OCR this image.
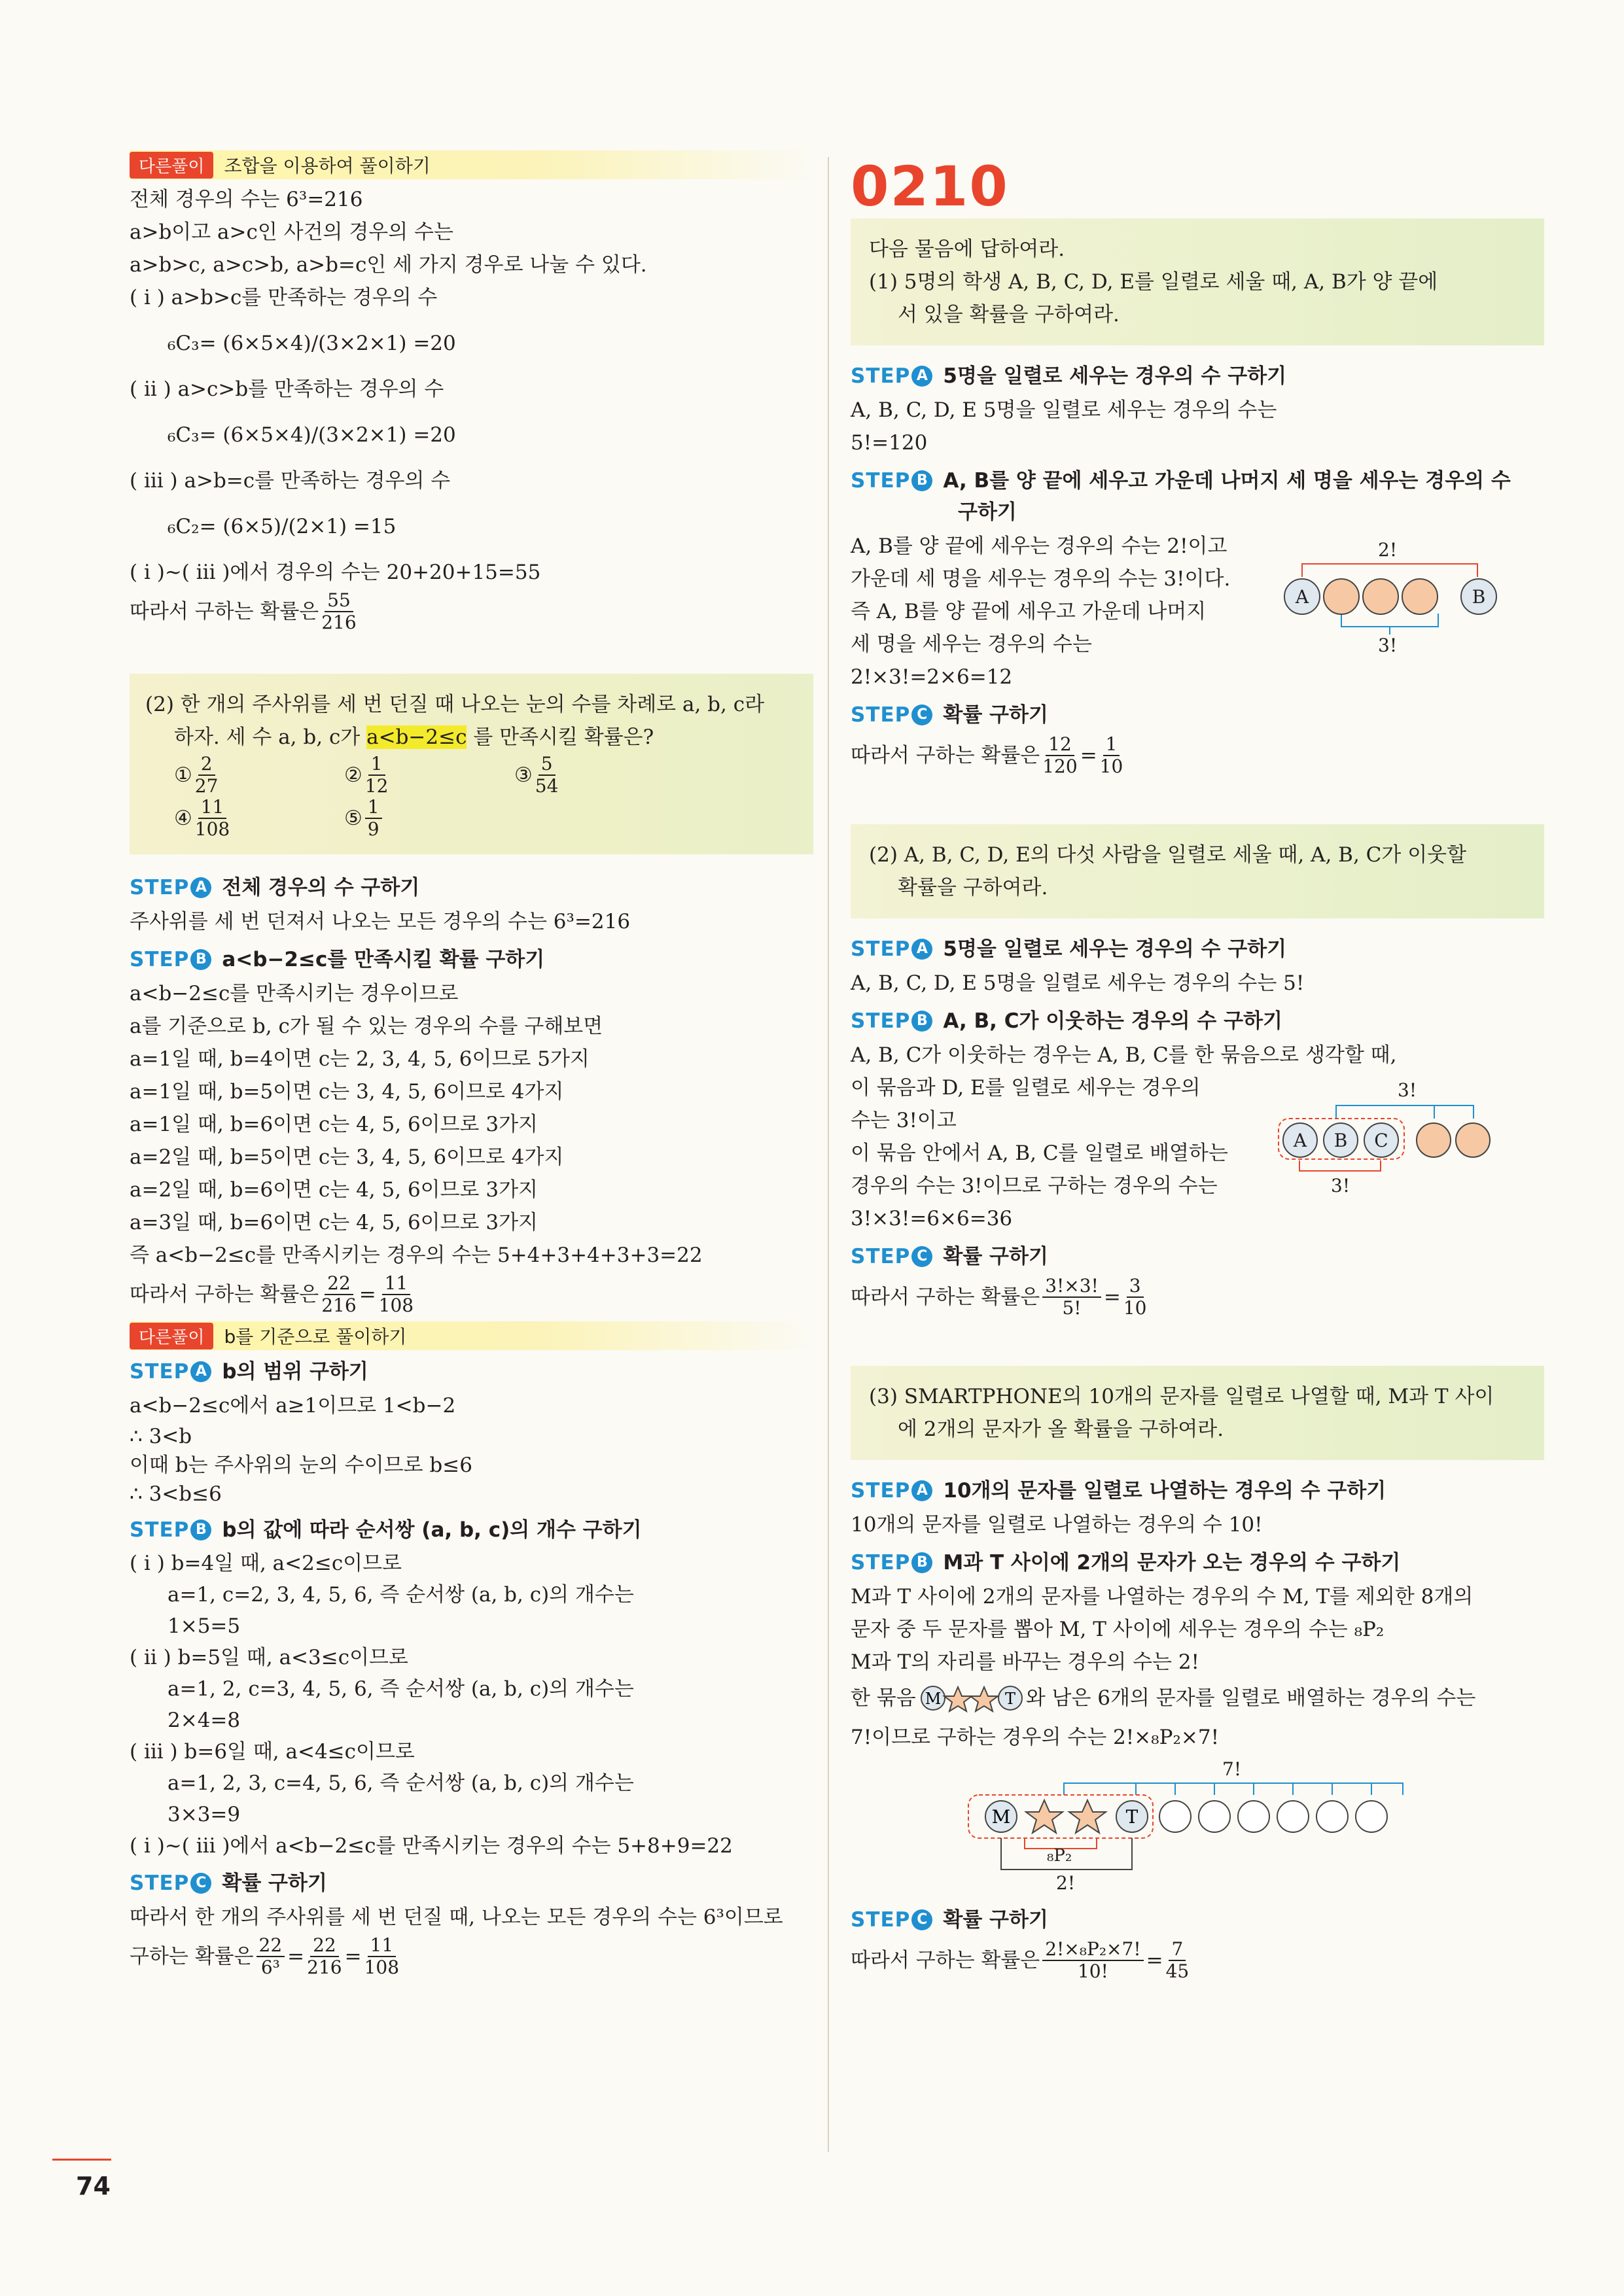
다른풀이	조합을 이용하여 풀이하기
전체 경우의 수는 6³=216
a>b이고 a>c인 사건의 경우의 수는
a>b>c, a>c>b, a>b=c인 세 가지 경우로 나눌 수 있다.
( i ) a>b>c를 만족하는 경우의 수
₆C₃= (6×5×4)/(3×2×1) =20
( ii ) a>c>b를 만족하는 경우의 수
₆C₃= (6×5×4)/(3×2×1) =20
( iii ) a>b=c를 만족하는 경우의 수
₆C₂= (6×5)/(2×1) =15
( i )~( iii )에서 경우의 수는 20+20+15=55
따라서 구하는 확률은 $\frac{55}{216}$
(2) 한 개의 주사위를 세 번 던질 때 나오는 눈의 수를 차례로 a, b, c라
하자. 세 수 a, b, c가 a<b−2≤c 를 만족시킬 확률은?
① $\frac{2}{27}$	② $\frac{1}{12}$	③ $\frac{5}{54}$
④ $\frac{11}{108}$	⑤ $\frac{1}{9}$
STEP A 전체 경우의 수 구하기
주사위를 세 번 던져서 나오는 모든 경우의 수는 6³=216
STEP B a<b−2≤c를 만족시킬 확률 구하기
a<b−2≤c를 만족시키는 경우이므로
a를 기준으로 b, c가 될 수 있는 경우의 수를 구해보면
a=1일 때, b=4이면 c는 2, 3, 4, 5, 6이므로 5가지
a=1일 때, b=5이면 c는 3, 4, 5, 6이므로 4가지
a=1일 때, b=6이면 c는 4, 5, 6이므로 3가지
a=2일 때, b=5이면 c는 3, 4, 5, 6이므로 4가지
a=2일 때, b=6이면 c는 4, 5, 6이므로 3가지
a=3일 때, b=6이면 c는 4, 5, 6이므로 3가지
즉 a<b−2≤c를 만족시키는 경우의 수는 5+4+3+4+3+3=22
따라서 구하는 확률은 $\frac{22}{216} = \frac{11}{108}$
다른풀이	b를 기준으로 풀이하기
STEP A b의 범위 구하기
a<b−2≤c에서 a≥1이므로 1<b−2
∴ 3<b
이때 b는 주사위의 눈의 수이므로 b≤6
∴ 3<b≤6
STEP B b의 값에 따라 순서쌍 (a, b, c)의 개수 구하기
( i ) b=4일 때, a<2≤c이므로
a=1, c=2, 3, 4, 5, 6, 즉 순서쌍 (a, b, c)의 개수는
1×5=5
( ii ) b=5일 때, a<3≤c이므로
a=1, 2, c=3, 4, 5, 6, 즉 순서쌍 (a, b, c)의 개수는
2×4=8
( iii ) b=6일 때, a<4≤c이므로
a=1, 2, 3, c=4, 5, 6, 즉 순서쌍 (a, b, c)의 개수는
3×3=9
( i )~( iii )에서 a<b−2≤c를 만족시키는 경우의 수는 5+8+9=22
STEP C 확률 구하기
따라서 한 개의 주사위를 세 번 던질 때, 나오는 모든 경우의 수는 6³이므로
구하는 확률은 $\frac{22}{\text{6³}} = \frac{22}{216} = \frac{11}{108}$
0210
다음 물음에 답하여라.
(1) 5명의 학생 A, B, C, D, E를 일렬로 세울 때, A, B가 양 끝에
서 있을 확률을 구하여라.
STEP A 5명을 일렬로 세우는 경우의 수 구하기
A, B, C, D, E 5명을 일렬로 세우는 경우의 수는
5!=120
STEP B A, B를 양 끝에 세우고 가운데 나머지 세 명을 세우는 경우의 수
구하기
A, B를 양 끝에 세우는 경우의 수는 2!이고
가운데 세 명을 세우는 경우의 수는 3!이다.
즉 A, B를 양 끝에 세우고 가운데 나머지
세 명을 세우는 경우의 수는
2!×3!=2×6=12
2!
A	B
3!
STEP C 확률 구하기
따라서 구하는 확률은 $\frac{12}{120} = \frac{1}{10}$
(2) A, B, C, D, E의 다섯 사람을 일렬로 세울 때, A, B, C가 이웃할
확률을 구하여라.
STEP A 5명을 일렬로 세우는 경우의 수 구하기
A, B, C, D, E 5명을 일렬로 세우는 경우의 수는 5!
STEP B A, B, C가 이웃하는 경우의 수 구하기
A, B, C가 이웃하는 경우는 A, B, C를 한 묶음으로 생각할 때,
이 묶음과 D, E를 일렬로 세우는 경우의
수는 3!이고
이 묶음 안에서 A, B, C를 일렬로 배열하는
경우의 수는 3!이므로 구하는 경우의 수는
3!×3!=6×6=36
3!
A	B	C
3!
STEP C 확률 구하기
따라서 구하는 확률은 $\frac{3!\times 3!}{5!} = \frac{3}{10}$
(3) SMARTPHONE의 10개의 문자를 일렬로 나열할 때, M과 T 사이
에 2개의 문자가 올 확률을 구하여라.
STEP A 10개의 문자를 일렬로 나열하는 경우의 수 구하기
10개의 문자를 일렬로 나열하는 경우의 수 10!
STEP B M과 T 사이에 2개의 문자가 오는 경우의 수 구하기
M과 T 사이에 2개의 문자를 나열하는 경우의 수 M, T를 제외한 8개의
문자 중 두 문자를 뽑아 M, T 사이에 세우는 경우의 수는 ₈P₂
M과 T의 자리를 바꾸는 경우의 수는 2!
한 묶음 M	T 와 남은 6개의 문자를 일렬로 배열하는 경우의 수는
7!이므로 구하는 경우의 수는 2!×₈P₂×7!
M	T
7!
₈P₂
2!
STEP C 확률 구하기
따라서 구하는 확률은 $\frac{\text{2!×₈P₂×7!}}{10!} = \frac{7}{45}$
74
